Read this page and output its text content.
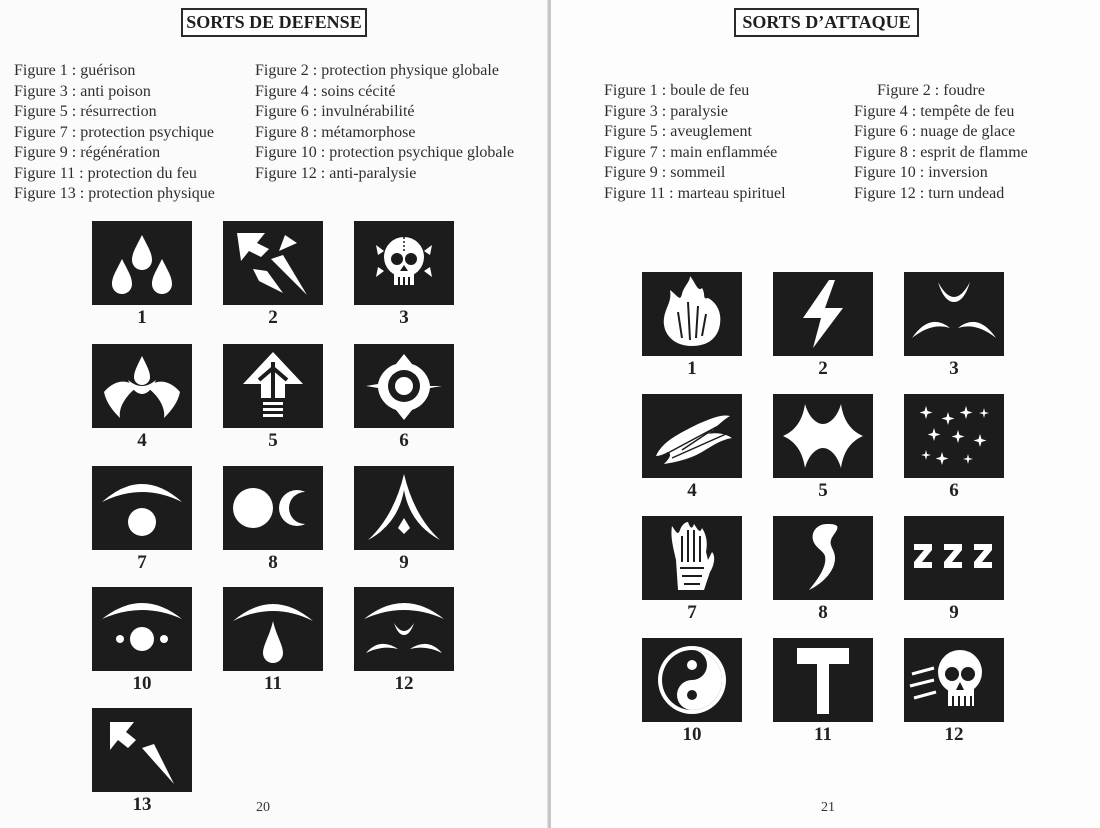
SORTS DE DEFENSE
Figure 1 : guérison	Figure 2 : protection physique globale
Figure 3 : anti poison	Figure 4 : soins cécité
Figure 5 : résurrection	Figure 6 : invulnérabilité
Figure 7 : protection psychique	Figure 8 : métamorphose
Figure 9 : régénération	Figure 10 : protection psychique globale
Figure 11 : protection du feu	Figure 12 : anti-paralysie
Figure 13 : protection physique
1	2	3
4	5	6
7	8	9
10	11	12
13	20
SORTS D’ATTAQUE
Figure 1 : boule de feu	Figure 2 : foudre
Figure 3 : paralysie	Figure 4 : tempête de feu
Figure 5 : aveuglement	Figure 6 : nuage de glace
Figure 7 : main enflammée	Figure 8 : esprit de flamme
Figure 9 : sommeil	Figure 10 : inversion
Figure 11 : marteau spirituel	Figure 12 : turn undead
1	2	3
4	5	6
7	8	9
10	11	12
21
